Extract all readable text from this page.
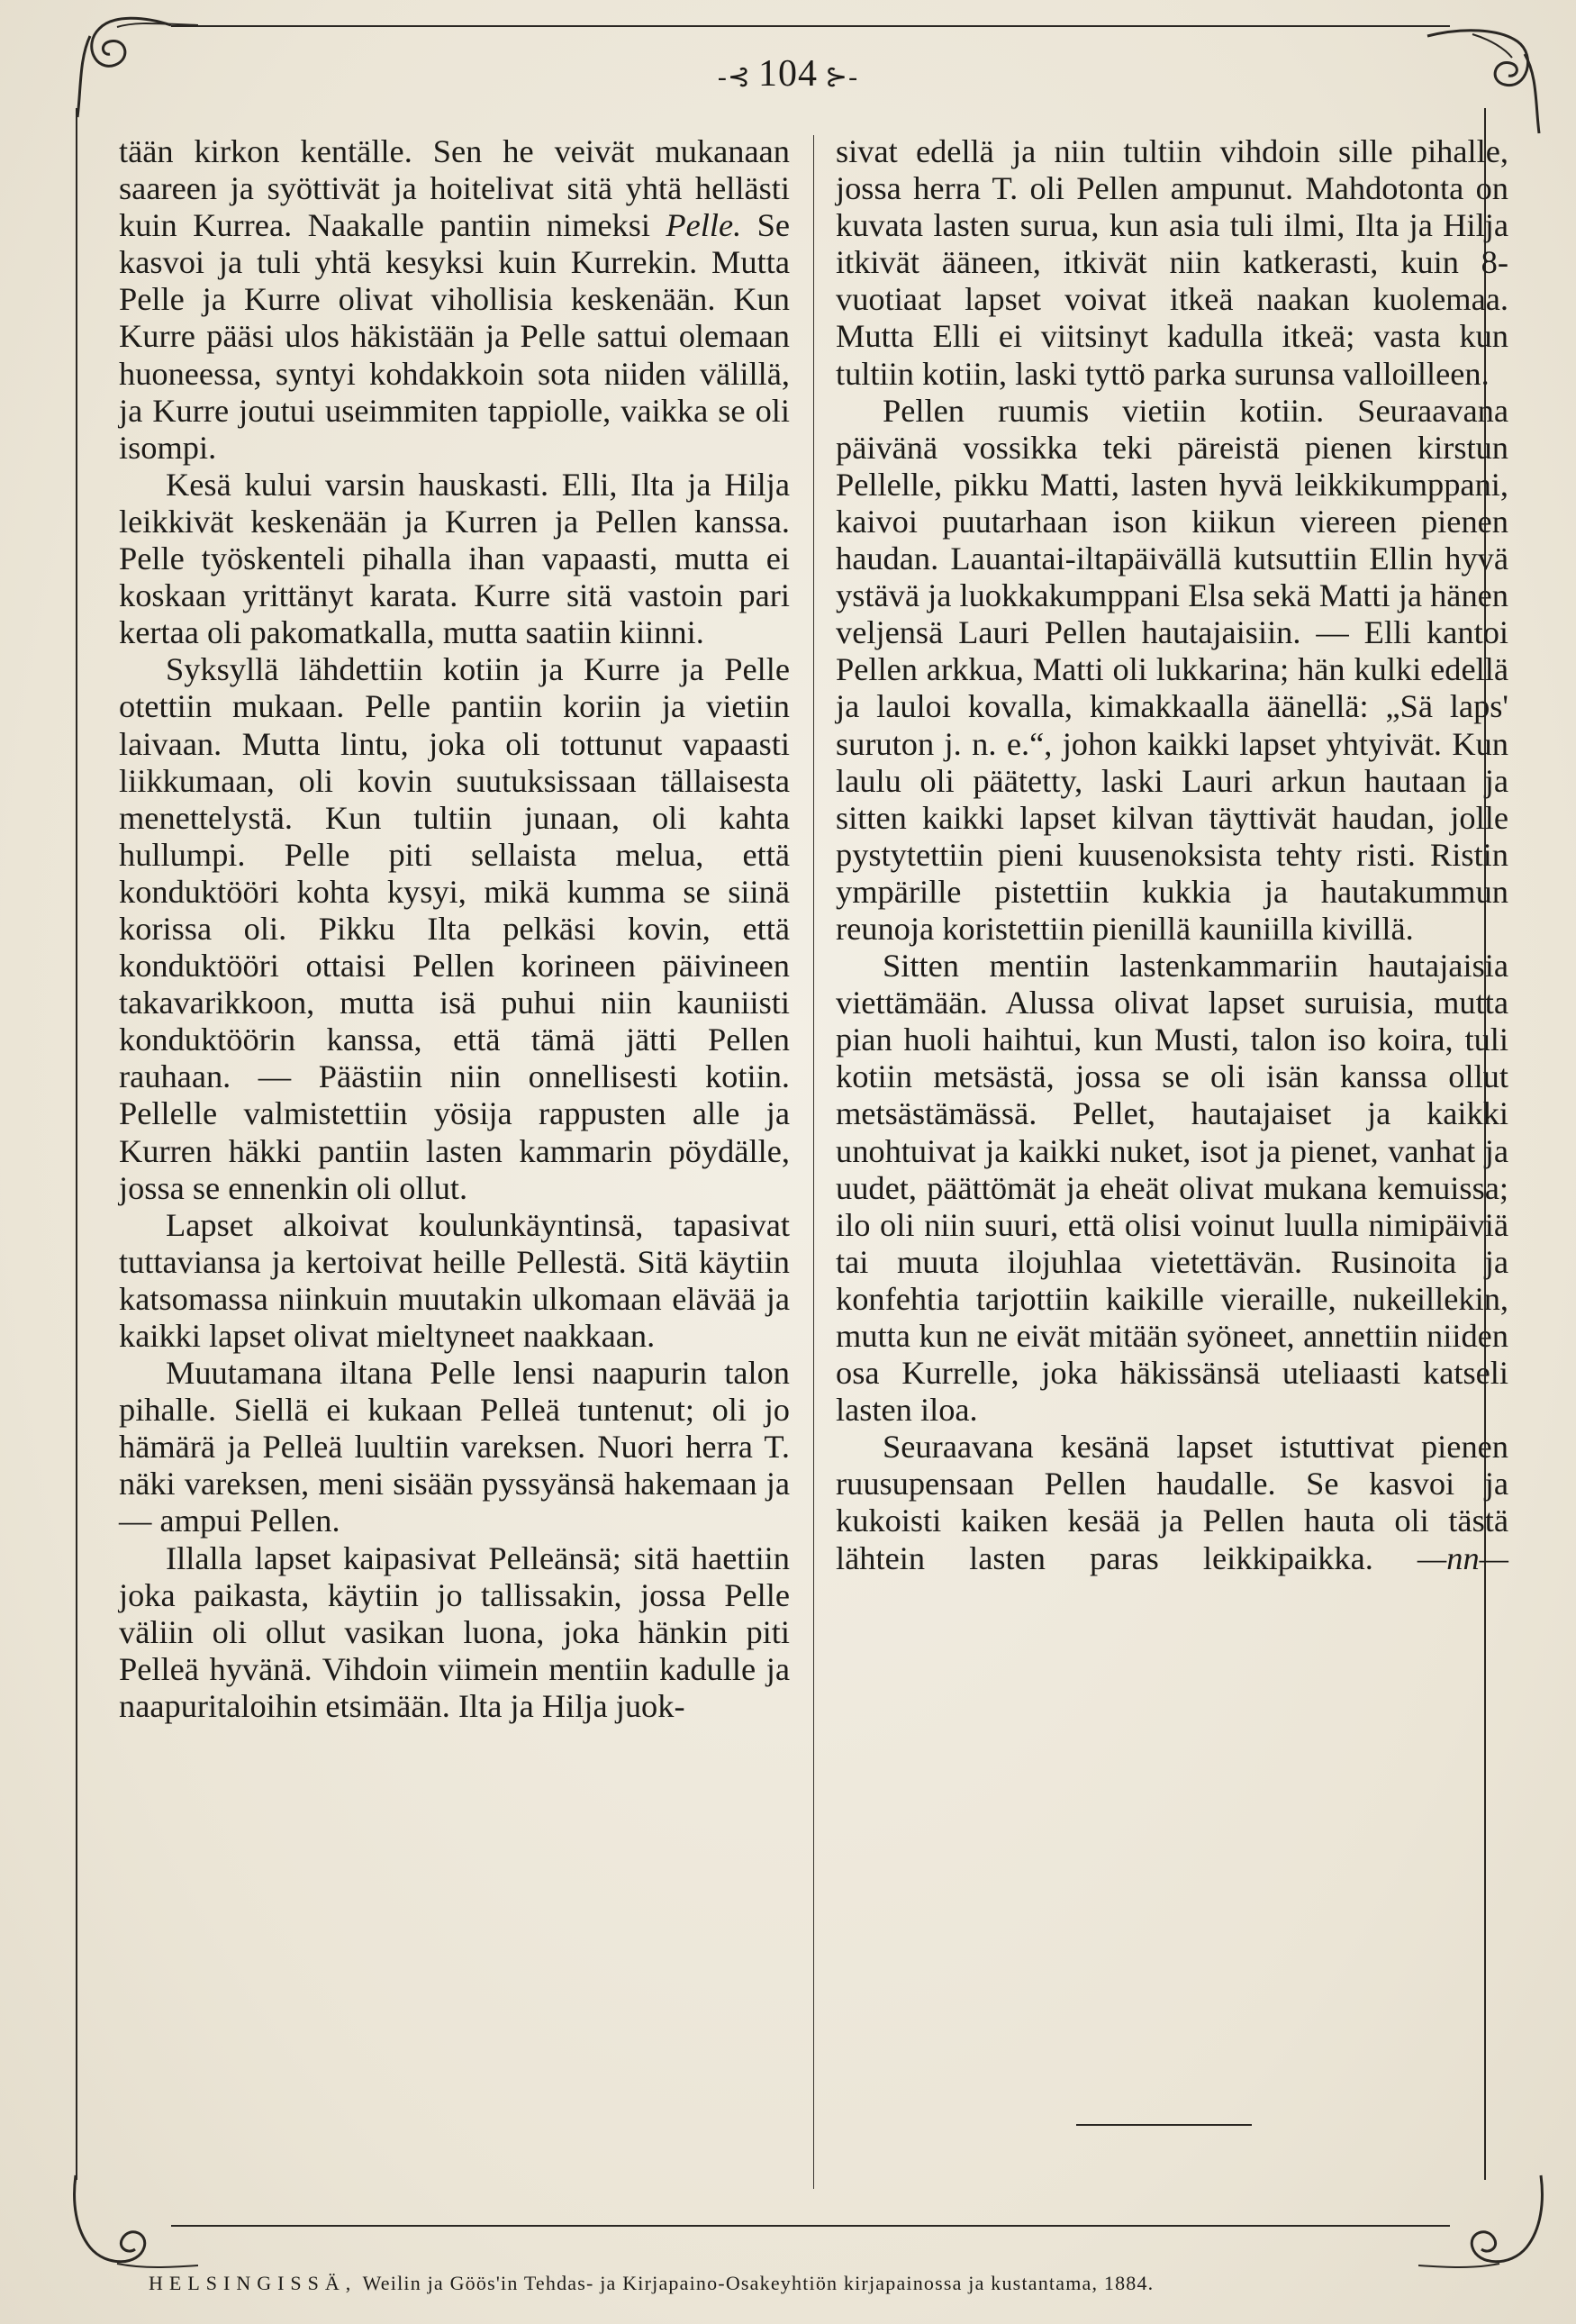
-⊰ 104 ⊱-

tään kirkon kentälle. Sen he veivät mukanaan saareen ja syöttivät ja hoitelivat sitä yhtä hellästi kuin Kurrea. Naakalle pantiin nimeksi Pelle. Se kasvoi ja tuli yhtä kesyksi kuin Kurrekin. Mutta Pelle ja Kurre olivat vihollisia keskenään. Kun Kurre pääsi ulos häkistään ja Pelle sattui olemaan huoneessa, syntyi kohdakkoin sota niiden välillä, ja Kurre joutui useimmiten tappiolle, vaikka se oli isompi.

Kesä kului varsin hauskasti. Elli, Ilta ja Hilja leikkivät keskenään ja Kurren ja Pellen kanssa. Pelle työskenteli pihalla ihan vapaasti, mutta ei koskaan yrittänyt karata. Kurre sitä vastoin pari kertaa oli pakomatkalla, mutta saatiin kiinni.

Syksyllä lähdettiin kotiin ja Kurre ja Pelle otettiin mukaan. Pelle pantiin koriin ja vietiin laivaan. Mutta lintu, joka oli tottunut vapaasti liikkumaan, oli kovin suutuksissaan tällaisesta menettelystä. Kun tultiin junaan, oli kahta hullumpi. Pelle piti sellaista melua, että konduktööri kohta kysyi, mikä kumma se siinä korissa oli. Pikku Ilta pelkäsi kovin, että konduktööri ottaisi Pellen korineen päivineen takavarikkoon, mutta isä puhui niin kauniisti konduktöörin kanssa, että tämä jätti Pellen rauhaan. — Päästiin niin onnellisesti kotiin. Pellelle valmistettiin yösija rappusten alle ja Kurren häkki pantiin lasten kammarin pöydälle, jossa se ennenkin oli ollut.

Lapset alkoivat koulunkäyntinsä, tapasivat tuttaviansa ja kertoivat heille Pellestä. Sitä käytiin katsomassa niinkuin muutakin ulkomaan elävää ja kaikki lapset olivat mieltyneet naakkaan.

Muutamana iltana Pelle lensi naapurin talon pihalle. Siellä ei kukaan Pelleä tuntenut; oli jo hämärä ja Pelleä luultiin vareksen. Nuori herra T. näki vareksen, meni sisään pyssyänsä hakemaan ja — ampui Pellen.

Illalla lapset kaipasivat Pelleänsä; sitä haettiin joka paikasta, käytiin jo tallissakin, jossa Pelle väliin oli ollut vasikan luona, joka hänkin piti Pelleä hyvänä. Vihdoin viimein mentiin kadulle ja naapuritaloihin etsimään. Ilta ja Hilja juok-

sivat edellä ja niin tultiin vihdoin sille pihalle, jossa herra T. oli Pellen ampunut. Mahdotonta on kuvata lasten surua, kun asia tuli ilmi, Ilta ja Hilja itkivät ääneen, itkivät niin katkerasti, kuin 8-vuotiaat lapset voivat itkeä naakan kuolemaa. Mutta Elli ei viitsinyt kadulla itkeä; vasta kun tultiin kotiin, laski tyttö parka surunsa valloilleen.

Pellen ruumis vietiin kotiin. Seuraavana päivänä vossikka teki päreistä pienen kirstun Pellelle, pikku Matti, lasten hyvä leikkikumppani, kaivoi puutarhaan ison kiikun viereen pienen haudan. Lauantai-iltapäivällä kutsuttiin Ellin hyvä ystävä ja luokkakumppani Elsa sekä Matti ja hänen veljensä Lauri Pellen hautajaisiin. — Elli kantoi Pellen arkkua, Matti oli lukkarina; hän kulki edellä ja lauloi kovalla, kimakkaalla äänellä: „Sä laps' suruton j. n. e.“, johon kaikki lapset yhtyivät. Kun laulu oli päätetty, laski Lauri arkun hautaan ja sitten kaikki lapset kilvan täyttivät haudan, jolle pystytettiin pieni kuusenoksista tehty risti. Ristin ympärille pistettiin kukkia ja hautakummun reunoja koristettiin pienillä kauniilla kivillä.

Sitten mentiin lastenkammariin hautajaisia viettämään. Alussa olivat lapset suruisia, mutta pian huoli haihtui, kun Musti, talon iso koira, tuli kotiin metsästä, jossa se oli isän kanssa ollut metsästämässä. Pellet, hautajaiset ja kaikki unohtuivat ja kaikki nuket, isot ja pienet, vanhat ja uudet, päättömät ja eheät olivat mukana kemuissa; ilo oli niin suuri, että olisi voinut luulla nimipäiviä tai muuta ilojuhlaa vietettävän. Rusinoita ja konfehtia tarjottiin kaikille vieraille, nukeillekin, mutta kun ne eivät mitään syöneet, annettiin niiden osa Kurrelle, joka häkissänsä uteliaasti katseli lasten iloa.

Seuraavana kesänä lapset istuttivat pienen ruusupensaan Pellen haudalle. Se kasvoi ja kukoisti kaiken kesää ja Pellen hauta oli tästä lähtein lasten paras leikkipaikka. —nn—

HELSINGISSÄ, Weilin ja Göös'in Tehdas- ja Kirjapaino-Osakeyhtiön kirjapainossa ja kustantama, 1884.
